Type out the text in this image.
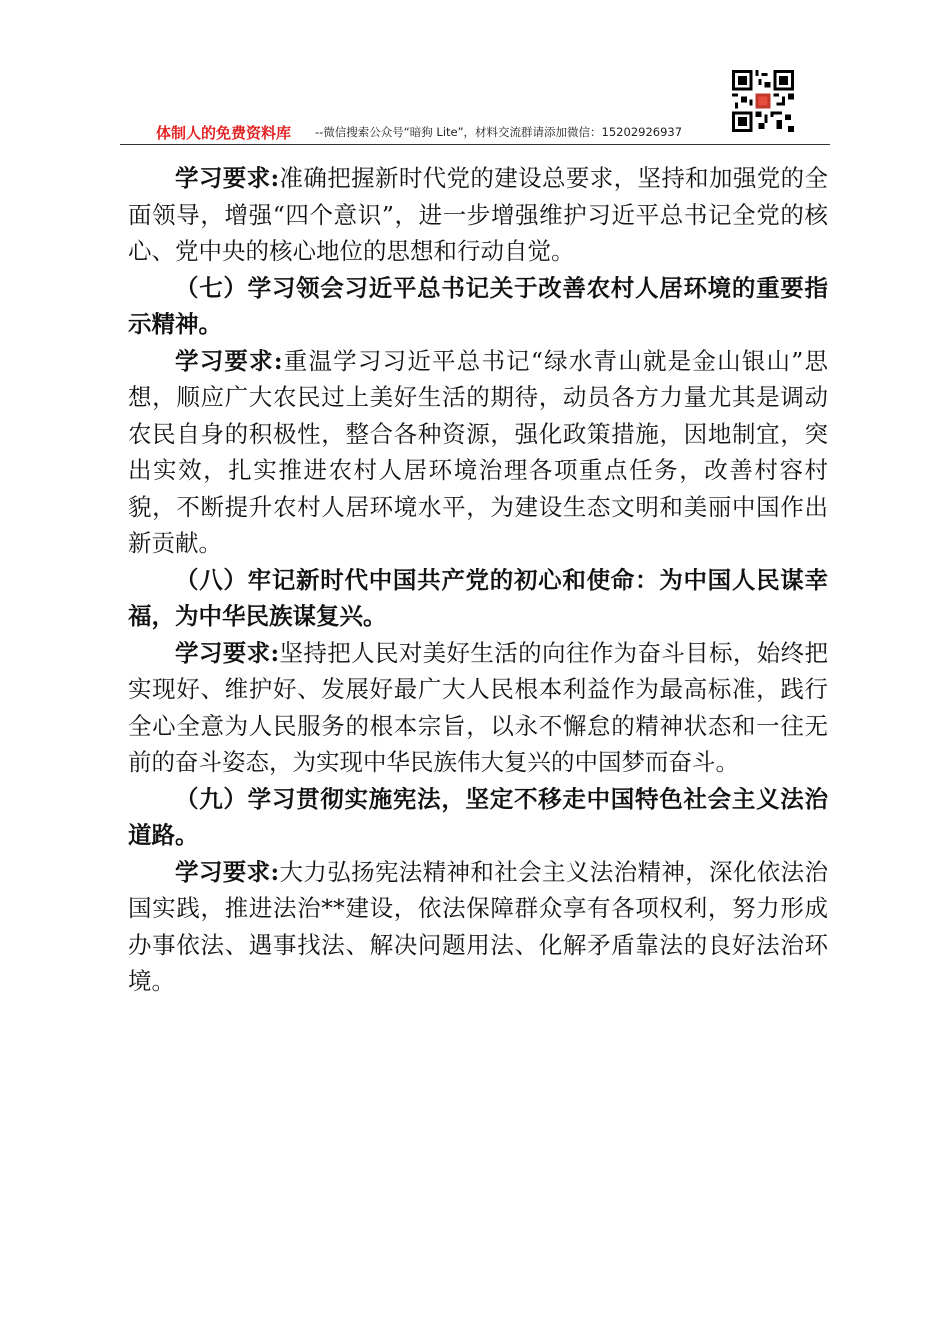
体制人的免费资料库 --微信搜索公众号“暗狗 Lite”，材料交流群请添加微信：15202926937

学习要求:准确把握新时代党的建设总要求，坚持和加强党的全面领导，增强“四个意识”，进一步增强维护习近平总书记全党的核心、党中央的核心地位的思想和行动自觉。

（七）学习领会习近平总书记关于改善农村人居环境的重要指示精神。

学习要求:重温学习习近平总书记“绿水青山就是金山银山”思想，顺应广大农民过上美好生活的期待，动员各方力量尤其是调动农民自身的积极性，整合各种资源，强化政策措施，因地制宜，突出实效，扎实推进农村人居环境治理各项重点任务，改善村容村貌，不断提升农村人居环境水平，为建设生态文明和美丽中国作出新贡献。

（八）牢记新时代中国共产党的初心和使命：为中国人民谋幸福，为中华民族谋复兴。

学习要求:坚持把人民对美好生活的向往作为奋斗目标，始终把实现好、维护好、发展好最广大人民根本利益作为最高标准，践行全心全意为人民服务的根本宗旨，以永不懈怠的精神状态和一往无前的奋斗姿态，为实现中华民族伟大复兴的中国梦而奋斗。

（九）学习贯彻实施宪法，坚定不移走中国特色社会主义法治道路。

学习要求:大力弘扬宪法精神和社会主义法治精神，深化依法治国实践，推进法治**建设，依法保障群众享有各项权利，努力形成办事依法、遇事找法、解决问题用法、化解矛盾靠法的良好法治环境。
